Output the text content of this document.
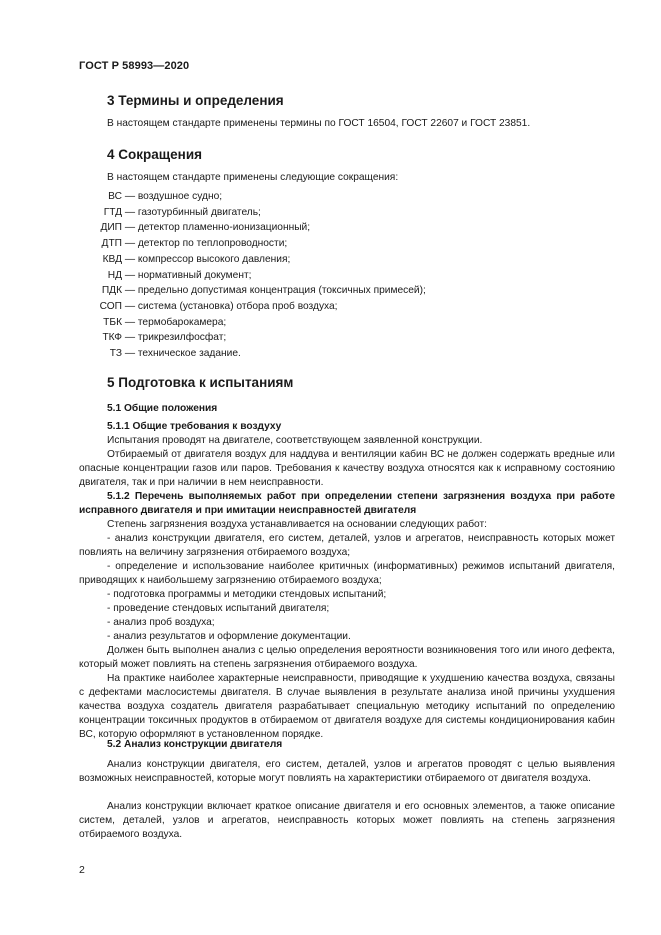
ГОСТ Р 58993—2020
3 Термины и определения
В настоящем стандарте применены термины по ГОСТ 16504, ГОСТ 22607 и ГОСТ 23851.
4 Сокращения
В настоящем стандарте применены следующие сокращения:
ВС — воздушное судно;
ГТД — газотурбинный двигатель;
ДИП — детектор пламенно-ионизационный;
ДТП — детектор по теплопроводности;
КВД — компрессор высокого давления;
НД — нормативный документ;
ПДК — предельно допустимая концентрация (токсичных примесей);
СОП — система (установка) отбора проб воздуха;
ТБК — термобарокамера;
ТКФ — трикрезилфосфат;
ТЗ — техническое задание.
5 Подготовка к испытаниям
5.1 Общие положения
5.1.1 Общие требования к воздуху
Испытания проводят на двигателе, соответствующем заявленной конструкции.
Отбираемый от двигателя воздух для наддува и вентиляции кабин ВС не должен содержать вредные или опасные концентрации газов или паров. Требования к качеству воздуха относятся как к исправному состоянию двигателя, так и при наличии в нем неисправности.
5.1.2 Перечень выполняемых работ при определении степени загрязнения воздуха при работе исправного двигателя и при имитации неисправностей двигателя
Степень загрязнения воздуха устанавливается на основании следующих работ:
- анализ конструкции двигателя, его систем, деталей, узлов и агрегатов, неисправность которых может повлиять на величину загрязнения отбираемого воздуха;
- определение и использование наиболее критичных (информативных) режимов испытаний двигателя, приводящих к наибольшему загрязнению отбираемого воздуха;
- подготовка программы и методики стендовых испытаний;
- проведение стендовых испытаний двигателя;
- анализ проб воздуха;
- анализ результатов и оформление документации.
Должен быть выполнен анализ с целью определения вероятности возникновения того или иного дефекта, который может повлиять на степень загрязнения отбираемого воздуха.
На практике наиболее характерные неисправности, приводящие к ухудшению качества воздуха, связаны с дефектами маслосистемы двигателя. В случае выявления в результате анализа иной причины ухудшения качества воздуха создатель двигателя разрабатывает специальную методику испытаний по определению концентрации токсичных продуктов в отбираемом от двигателя воздухе для системы кондиционирования кабин ВС, которую оформляют в установленном порядке.
5.2 Анализ конструкции двигателя
Анализ конструкции двигателя, его систем, деталей, узлов и агрегатов проводят с целью выявления возможных неисправностей, которые могут повлиять на характеристики отбираемого от двигателя воздуха.
Анализ конструкции включает краткое описание двигателя и его основных элементов, а также описание систем, деталей, узлов и агрегатов, неисправность которых может повлиять на степень загрязнения отбираемого воздуха.
2
